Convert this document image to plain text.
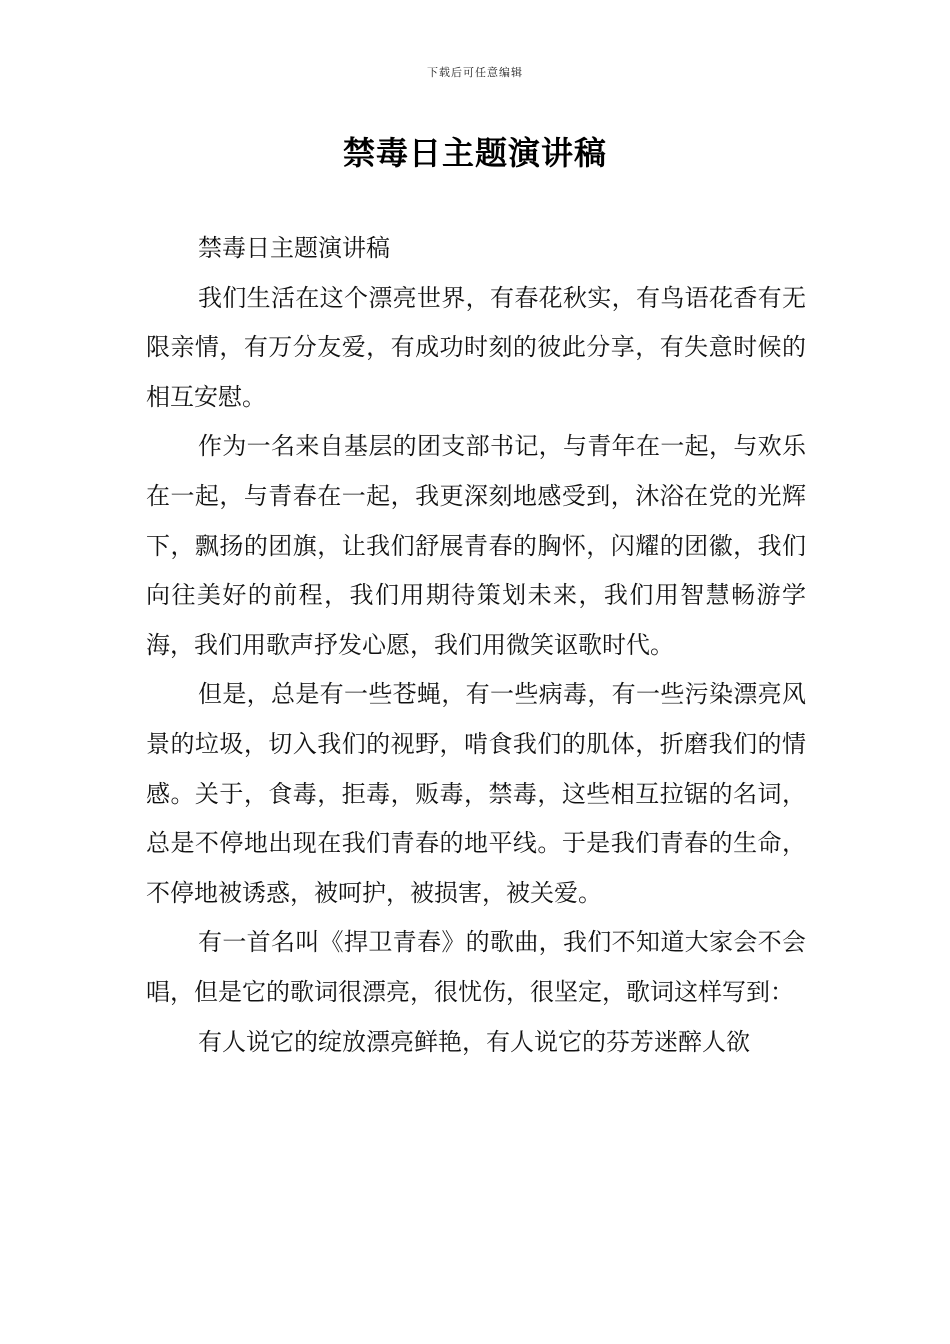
下载后可任意编辑
禁毒日主题演讲稿

禁毒日主题演讲稿

我们生活在这个漂亮世界，有春花秋实，有鸟语花香有无限亲情，有万分友爱，有成功时刻的彼此分享，有失意时候的相互安慰。

作为一名来自基层的团支部书记，与青年在一起，与欢乐在一起，与青春在一起，我更深刻地感受到，沐浴在党的光辉下，飘扬的团旗，让我们舒展青春的胸怀，闪耀的团徽，我们向往美好的前程，我们用期待策划未来，我们用智慧畅游学海，我们用歌声抒发心愿，我们用微笑讴歌时代。

但是，总是有一些苍蝇，有一些病毒，有一些污染漂亮风景的垃圾，切入我们的视野，啃食我们的肌体，折磨我们的情感。关于，食毒，拒毒，贩毒，禁毒，这些相互拉锯的名词，总是不停地出现在我们青春的地平线。于是我们青春的生命，不停地被诱惑，被呵护，被损害，被关爱。

有一首名叫《捍卫青春》的歌曲，我们不知道大家会不会唱，但是它的歌词很漂亮，很忧伤，很坚定，歌词这样写到：

有人说它的绽放漂亮鲜艳，有人说它的芬芳迷醉人欲
